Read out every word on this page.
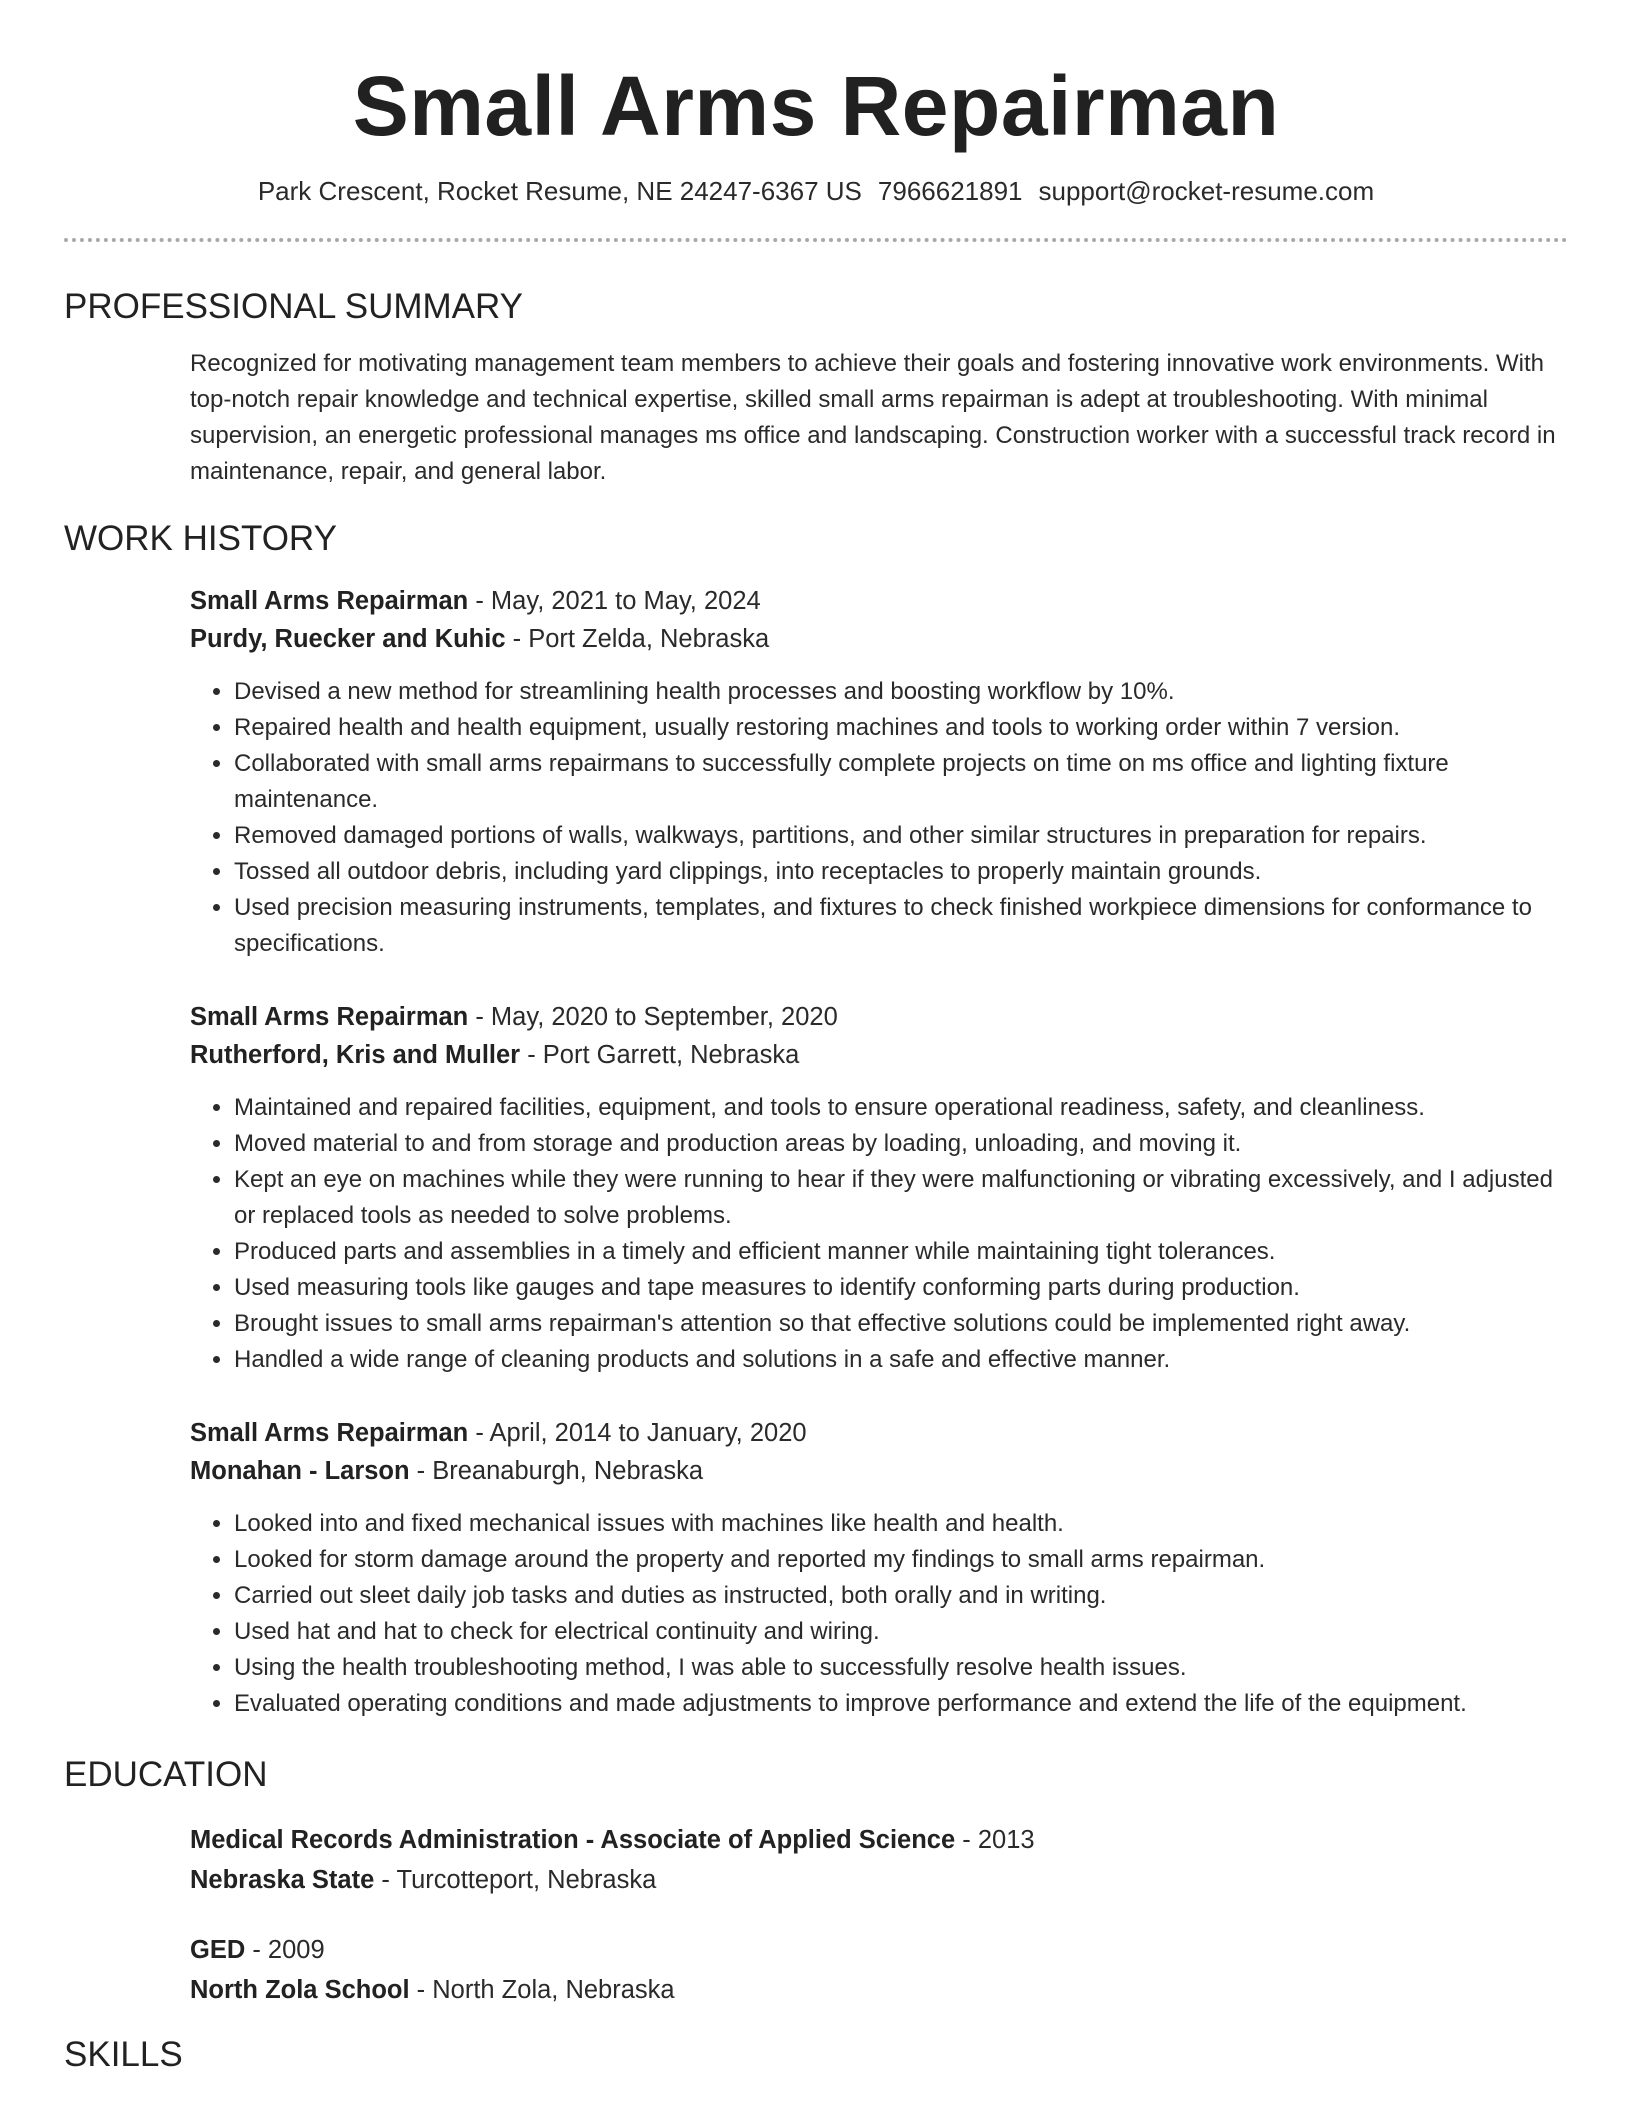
Small Arms Repairman
Park Crescent, Rocket Resume, NE 24247-6367 US 7966621891 support@rocket-resume.com
PROFESSIONAL SUMMARY
Recognized for motivating management team members to achieve their goals and fostering innovative work environments. With top-notch repair knowledge and technical expertise, skilled small arms repairman is adept at troubleshooting. With minimal supervision, an energetic professional manages ms office and landscaping. Construction worker with a successful track record in maintenance, repair, and general labor.
WORK HISTORY
Small Arms Repairman - May, 2021 to May, 2024
Purdy, Ruecker and Kuhic - Port Zelda, Nebraska
• Devised a new method for streamlining health processes and boosting workflow by 10%.
• Repaired health and health equipment, usually restoring machines and tools to working order within 7 version.
• Collaborated with small arms repairmans to successfully complete projects on time on ms office and lighting fixture maintenance.
• Removed damaged portions of walls, walkways, partitions, and other similar structures in preparation for repairs.
• Tossed all outdoor debris, including yard clippings, into receptacles to properly maintain grounds.
• Used precision measuring instruments, templates, and fixtures to check finished workpiece dimensions for conformance to specifications.
Small Arms Repairman - May, 2020 to September, 2020
Rutherford, Kris and Muller - Port Garrett, Nebraska
• Maintained and repaired facilities, equipment, and tools to ensure operational readiness, safety, and cleanliness.
• Moved material to and from storage and production areas by loading, unloading, and moving it.
• Kept an eye on machines while they were running to hear if they were malfunctioning or vibrating excessively, and I adjusted or replaced tools as needed to solve problems.
• Produced parts and assemblies in a timely and efficient manner while maintaining tight tolerances.
• Used measuring tools like gauges and tape measures to identify conforming parts during production.
• Brought issues to small arms repairman's attention so that effective solutions could be implemented right away.
• Handled a wide range of cleaning products and solutions in a safe and effective manner.
Small Arms Repairman - April, 2014 to January, 2020
Monahan - Larson - Breanaburgh, Nebraska
• Looked into and fixed mechanical issues with machines like health and health.
• Looked for storm damage around the property and reported my findings to small arms repairman.
• Carried out sleet daily job tasks and duties as instructed, both orally and in writing.
• Used hat and hat to check for electrical continuity and wiring.
• Using the health troubleshooting method, I was able to successfully resolve health issues.
• Evaluated operating conditions and made adjustments to improve performance and extend the life of the equipment.
EDUCATION
Medical Records Administration - Associate of Applied Science - 2013
Nebraska State - Turcotteport, Nebraska
GED - 2009
North Zola School - North Zola, Nebraska
SKILLS
